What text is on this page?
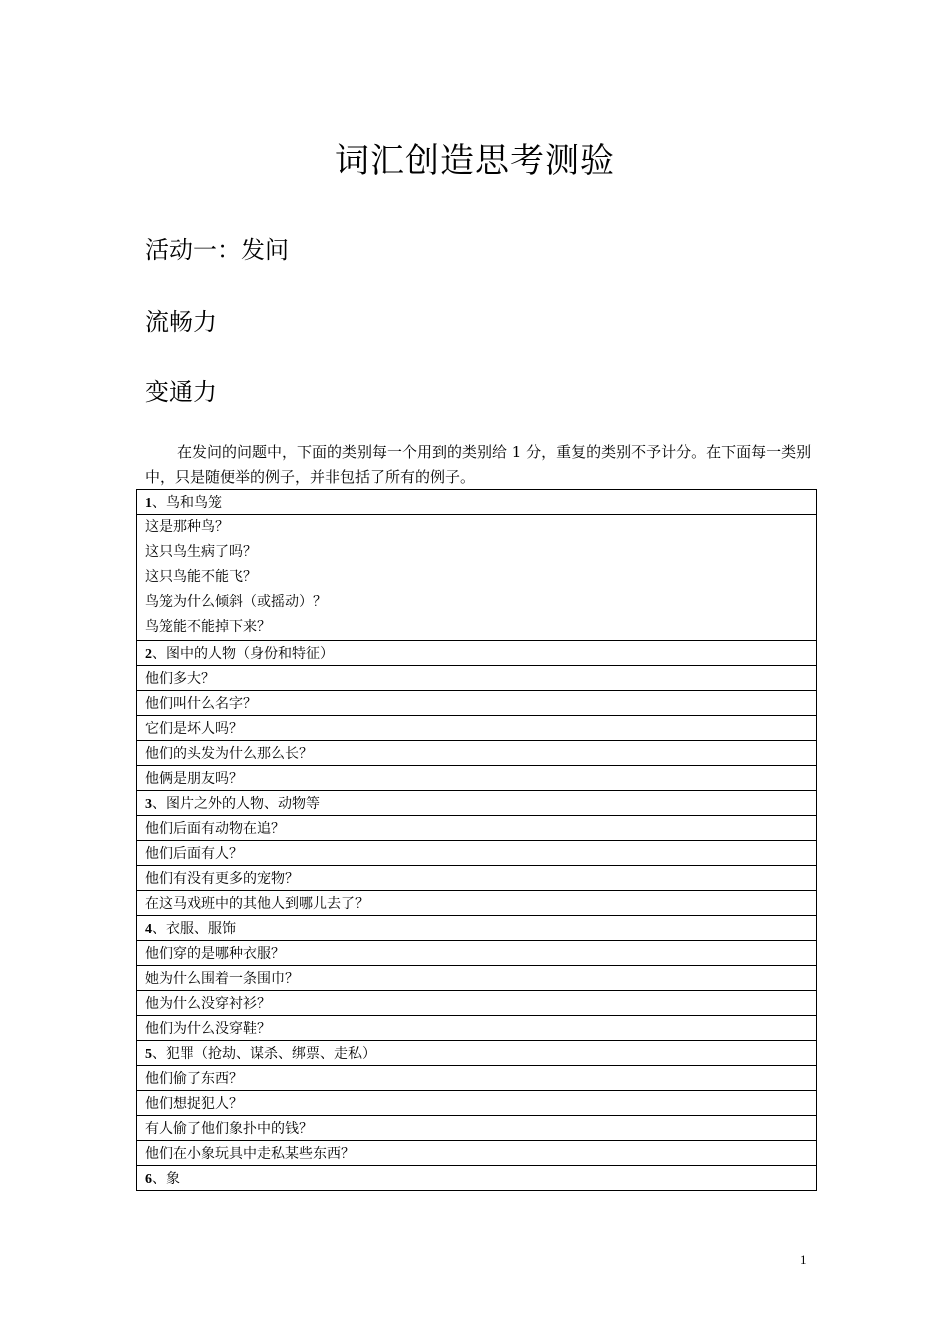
词汇创造思考测验
活动一：发问
流畅力
变通力
在发问的问题中，下面的类别每一个用到的类别给 1 分，重复的类别不予计分。在下面每一类别中，只是随便举的例子，并非包括了所有的例子。
1、鸟和鸟笼

这是那种鸟？
这只鸟生病了吗？
这只鸟能不能飞？
鸟笼为什么倾斜（或摇动）？
鸟笼能不能掉下来？

2、图中的人物（身份和特征）
他们多大？
他们叫什么名字？
它们是坏人吗？
他们的头发为什么那么长？
他俩是朋友吗？
3、图片之外的人物、动物等
他们后面有动物在追？
他们后面有人？
他们有没有更多的宠物？
在这马戏班中的其他人到哪儿去了？
4、衣服、服饰
他们穿的是哪种衣服？
她为什么围着一条围巾？
他为什么没穿衬衫？
他们为什么没穿鞋？
5、犯罪（抢劫、谋杀、绑票、走私）
他们偷了东西？
他们想捉犯人？
有人偷了他们象扑中的钱？
他们在小象玩具中走私某些东西？
6、象
1
